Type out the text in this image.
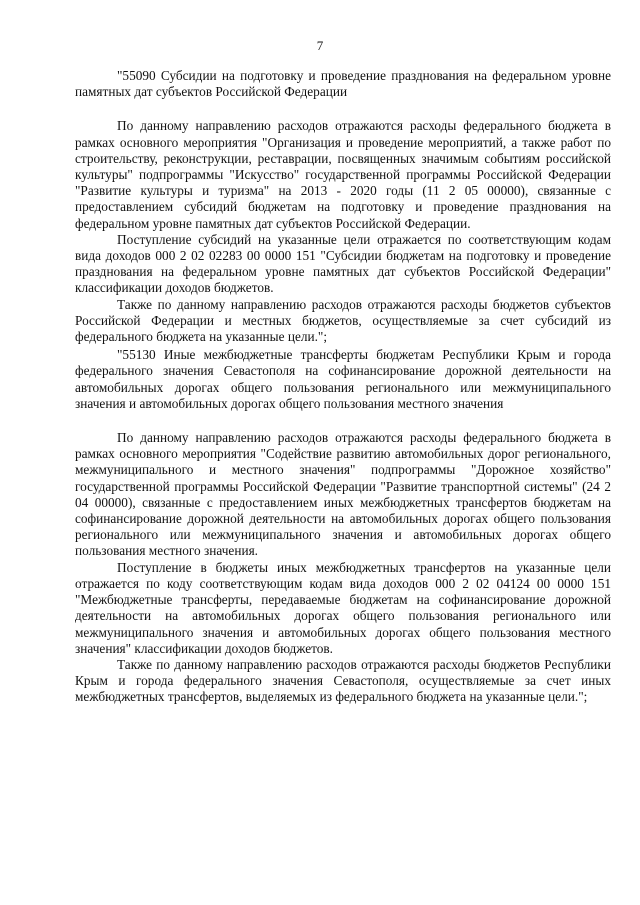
7

"55090 Субсидии на подготовку и проведение празднования на федеральном уровне памятных дат субъектов Российской Федерации

По данному направлению расходов отражаются расходы федерального бюджета в рамках основного мероприятия "Организация и проведение мероприятий, а также работ по строительству, реконструкции, реставрации, посвященных значимым событиям российской культуры" подпрограммы "Искусство" государственной программы Российской Федерации "Развитие культуры и туризма" на 2013 - 2020 годы (11 2 05 00000), связанные с предоставлением субсидий бюджетам на подготовку и проведение празднования на федеральном уровне памятных дат субъектов Российской Федерации.

Поступление субсидий на указанные цели отражается по соответствующим кодам вида доходов 000 2 02 02283 00 0000 151 "Субсидии бюджетам на подготовку и проведение празднования на федеральном уровне памятных дат субъектов Российской Федерации" классификации доходов бюджетов.

Также по данному направлению расходов отражаются расходы бюджетов субъектов Российской Федерации и местных бюджетов, осуществляемые за счет субсидий из федерального бюджета на указанные цели.";

"55130 Иные межбюджетные трансферты бюджетам Республики Крым и города федерального значения Севастополя на софинансирование дорожной деятельности на автомобильных дорогах общего пользования регионального или межмуниципального значения и автомобильных дорогах общего пользования местного значения

По данному направлению расходов отражаются расходы федерального бюджета в рамках основного мероприятия "Содействие развитию автомобильных дорог регионального, межмуниципального и местного значения" подпрограммы "Дорожное хозяйство" государственной программы Российской Федерации "Развитие транспортной системы" (24 2 04 00000), связанные с предоставлением иных межбюджетных трансфертов бюджетам на софинансирование дорожной деятельности на автомобильных дорогах общего пользования регионального или межмуниципального значения и автомобильных дорогах общего пользования местного значения.

Поступление в бюджеты иных межбюджетных трансфертов на указанные цели отражается по коду соответствующим кодам вида доходов 000 2 02 04124 00 0000 151 "Межбюджетные трансферты, передаваемые бюджетам на софинансирование дорожной деятельности на автомобильных дорогах общего пользования регионального или межмуниципального значения и автомобильных дорогах общего пользования местного значения" классификации доходов бюджетов.

Также по данному направлению расходов отражаются расходы бюджетов Республики Крым и города федерального значения Севастополя, осуществляемые за счет иных межбюджетных трансфертов, выделяемых из федерального бюджета на указанные цели.";
